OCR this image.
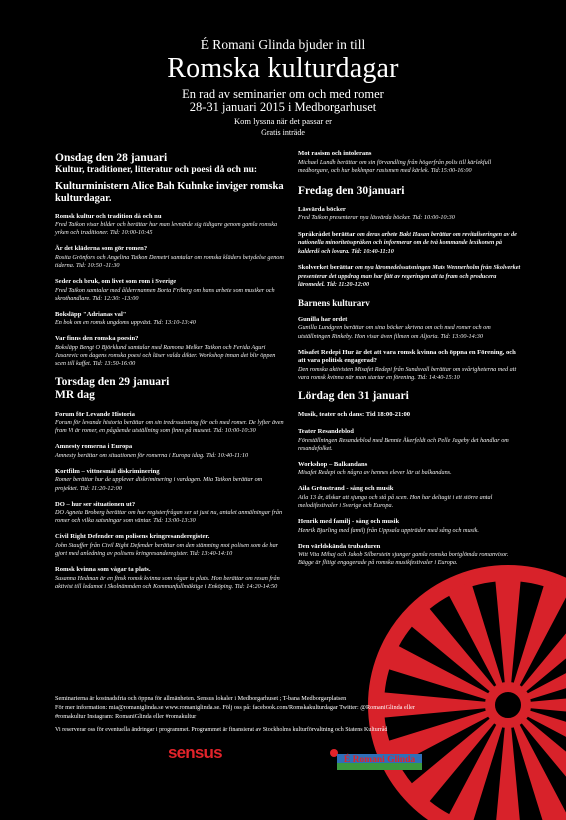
É Romani Glinda bjuder in till
Romska kulturdagar
En rad av seminarier om och med romer
28-31 januari 2015 i Medborgarhuset
Kom lyssna när det passar er
Gratis inträde

Onsdag den 28 januari

Kultur, traditioner, litteratur och poesi då och nu:

Kulturministern Alice Bah Kuhnke inviger romska kulturdagar.

Romsk kultur och tradition då och nu

Fred Taikon visar bilder och berättar hur man levnärde sig tidigare genom gamla romska yrken och traditioner. Tid: 10:00-10:45

Är det kläderna som gör romen?

Rosita Grönfors och Angelina Taikon Demetri samtalar om romska kläders betydelse genom tiderna. Tid: 10:50 -11:30

Seder och bruk, om livet som rom i Sverige

Fred Taikon samtalar med ålderrnannen Borta Friberg om hans arbete som musiker och skrothandlare. Tid: 12:30: -13:00

Boksläpp "Adrianas val"

En bok om en romsk ungdoms uppväxt. Tid: 13:10-13:40

Var finns den romska poesin?

Boksläpp Bengt O Björklund samtalar med Ramona Melker Taikon och Ferida Aguri Jasarevic om dagens romska poesi och läser valda dikter. Workshop innan det blir öppen scen till kaffet. Tid: 13:50-16:00

Torsdag den 29 januari

MR dag

Forum för Levande Historia

Forum för levande historia berättar om sin tredrssatsning för och med romer. De lyfter även fram Vi är romer, en pågående utställning som finns på museet. Tid: 10:00-10:30

Amnesty romerna i Europa

Amnesty berättar om situationen för romerna i Europa idag. Tid: 10:40-11:10

Kortfilm – vittnesmål diskriminering

Romer berättar hur de upplever diskriminering i vardagen. Mia Taikon berättar om projektet. Tid: 11:20-12:00

DO – hur ser situationen ut?

DO Agneta Broberg berättar om hur registerfrågan ser ut just nu, antalet anmälningar från romer och vilka satsningar som väntar. Tid: 13:00-13:30

Civil Right Defender om polisens kringresanderegister.

John Stauffer från Civil Right Defender berättar om den stämning mot polisen som de har gjort med anledning av polisens kringresanderegister. Tid: 13:40-14:10

Romsk kvinna som vågar ta plats.

Susanna Hedman är en finsk romsk kvinna som vågar ta plats. Hon berättar om resan från aktivist till ledamot i Skolnämnden och Kommunfullmäktige i Enköping. Tid: 14:20-14:50

Mot rasism och intolerans

Michael Lundh berättar om sin förvandling från högerfrån polis till kärlekfull medborgare, och hur beklmpar rasismen med kärlek. Tid:15:00-16:00

Fredag den 30januari

Läsvärda böcker

Fred Taikon presenterar nya läsvärda böcker. Tid: 10:00-10:30

Språkrådet berättar om deras arbete Bakt Hasan berättar om revitaliseringen av de nationella minoritetsspråken och informerar om de två kommande lexikonen på kalderdš och lovara. Tid: 10:40-11:10

Skolverket berättar om nya läromedelssatsningen Mats Wennerholm från Skolverket presenterar det uppdrag man har fått av regeringen att ta fram och producera läromedel. Tid: 11:20-12:00

Barnens kulturarv

Gunilla har ordet

Gunilla Lundgren berättar om sina böcker skrivna om och med romer och om utställningen Rinkeby. Hon visar även filmen om Aljoria. Tid: 13:00-14:30

Misafet Redepi Hur är det att vara romsk kvinna och öppna en Förening, och att vara politisk engagerad?

Den romska aktivisten Misafet Redepi från Sundsvall berättar om svårigheterna med att vara romsk kvinna när man startar en förening. Tid: 14:40-15:10

Lördag den 31 januari

Musik, teater och dans: Tid 18:00-21:00

Teater Resandeblod

Föreställningen Resandeblod med Bennie Åkerfeldt och Pelle Jageby det handlar om resandefolket.

Workshop – Balkandans

Misafet Redepi och några av hennes elever lär ut balkandans.

Aila Grönstrand - sång och musik

Aila 13 år, älskar att sjunga och stå på scen. Hon har deltagit i ett större antal melodifestivaler i Sverige och Europa.

Henrik med familj - sång och musik

Henrik Bjurling med familj från Uppsala uppträder med sång och musik.

Den världskända trubaduren

Witt Vita Mihaj och Jakob Silberstein sjunger gamla romska bortglömda romanvisor. Bägge är flitigt engagerade på romska musikfestivaler i Europa.

Seminarierna är kostnadsfria och öppna för allmänheten. Sensus lokaler i Medborgarhuset ; T-bana Medborgarplatsen

För mer information: mia@romaniglinda.se www.romaniglinda.se. Följ oss på: facebook.com/Romskakulturdagar Twitter: @RomaniGlinda eller

#romakultur Instagram: RomaniGlinda eller #romakultur

Vi reserverar oss för eventuella ändringar i programmet. Programmet är finansierat av Stockholms kulturförvaltning och Statens Kulturråd
sensus	É Romani Glinda
